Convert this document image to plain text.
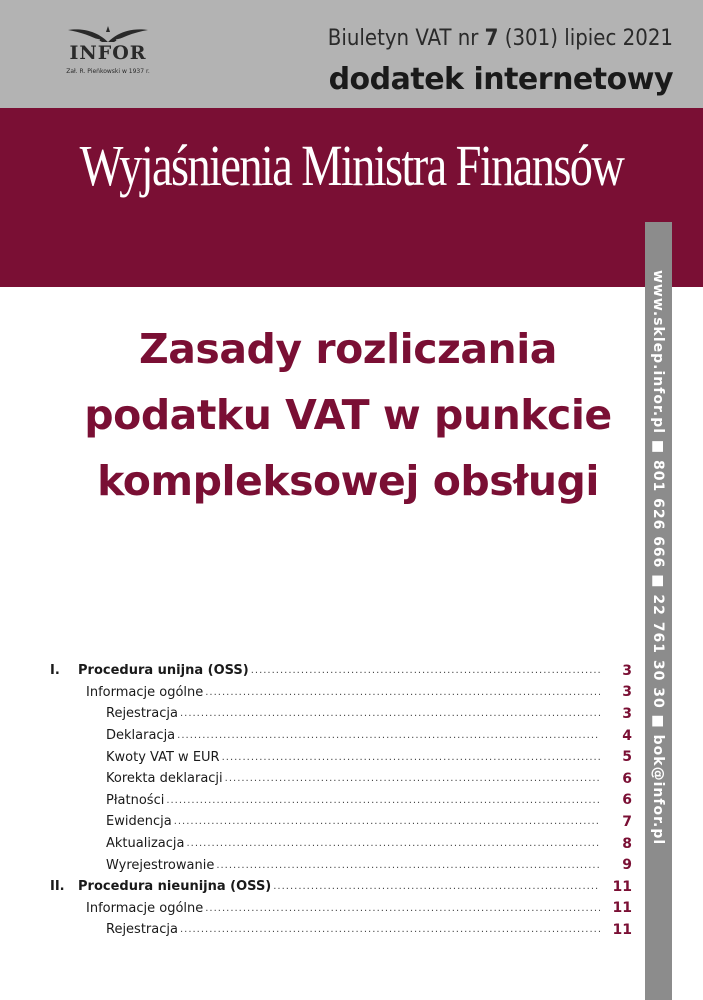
INFOR
Zał. R. Pieńkowski w 1937 r.
Biuletyn VAT nr 7 (301) lipiec 2021
dodatek internetowy
Wyjaśnienia Ministra Finansów
www.sklep.infor.pl ■ 801 626 666 ■ 22 761 30 30 ■ bok@infor.pl
Zasady rozliczania
podatku VAT w punkcie
kompleksowej obsługi
I.	Procedura unijna (OSS) .....	3
Informacje ogólne .....	3
Rejestracja .....	3
Deklaracja .....	4
Kwoty VAT w EUR .....	5
Korekta deklaracji .....	6
Płatności .....	6
Ewidencja .....	7
Aktualizacja .....	8
Wyrejestrowanie .....	9
II.	Procedura nieunijna (OSS) .....	11
Informacje ogólne .....	11
Rejestracja .....	11
